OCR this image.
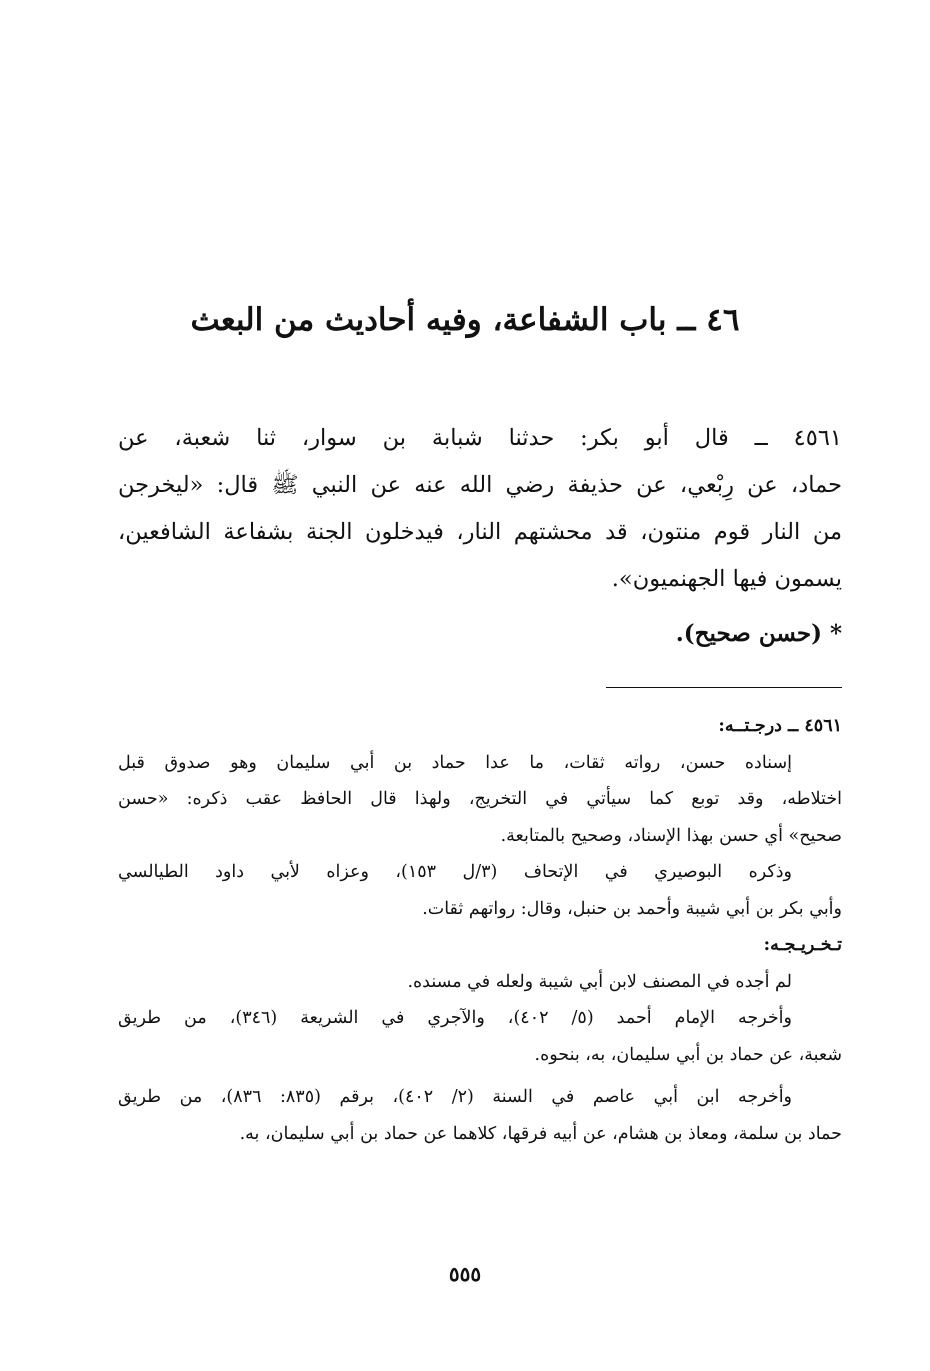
٤٦ ــ باب الشفاعة، وفيه أحاديث من البعث
٤٥٦١ ــ قال أبو بكر: حدثنا شبابة بن سوار، ثنا شعبة، عن
حماد، عن رِبْعي، عن حذيفة رضي الله عنه عن النبي ﷺ قال: «ليخرجن
من النار قوم منتون، قد محشتهم النار، فيدخلون الجنة بشفاعة الشافعين،
يسمون فيها الجهنميون».
* (حسن صحيح).
٤٥٦١ ــ درجـتــه:
إسناده حسن، رواته ثقات، ما عدا حماد بن أبي سليمان وهو صدوق قبل
اختلاطه، وقد توبع كما سيأتي في التخريج، ولهذا قال الحافظ عقب ذكره: «حسن
صحيح» أي حسن بهذا الإسناد، وصحيح بالمتابعة.
وذكره البوصيري في الإتحاف (٣/ل ١٥٣)، وعزاه لأبي داود الطيالسي
وأبي بكر بن أبي شيبة وأحمد بن حنبل، وقال: رواتهم ثقات.
تـخـريـجـه:
لم أجده في المصنف لابن أبي شيبة ولعله في مسنده.
وأخرجه الإمام أحمد (٥/ ٤٠٢)، والآجري في الشريعة (٣٤٦)، من طريق
شعبة، عن حماد بن أبي سليمان، به، بنحوه.
وأخرجه ابن أبي عاصم في السنة (٢/ ٤٠٢)، برقم (٨٣٥: ٨٣٦)، من طريق
حماد بن سلمة، ومعاذ بن هشام، عن أبيه فرقها، كلاهما عن حماد بن أبي سليمان، به.
٥٥٥
